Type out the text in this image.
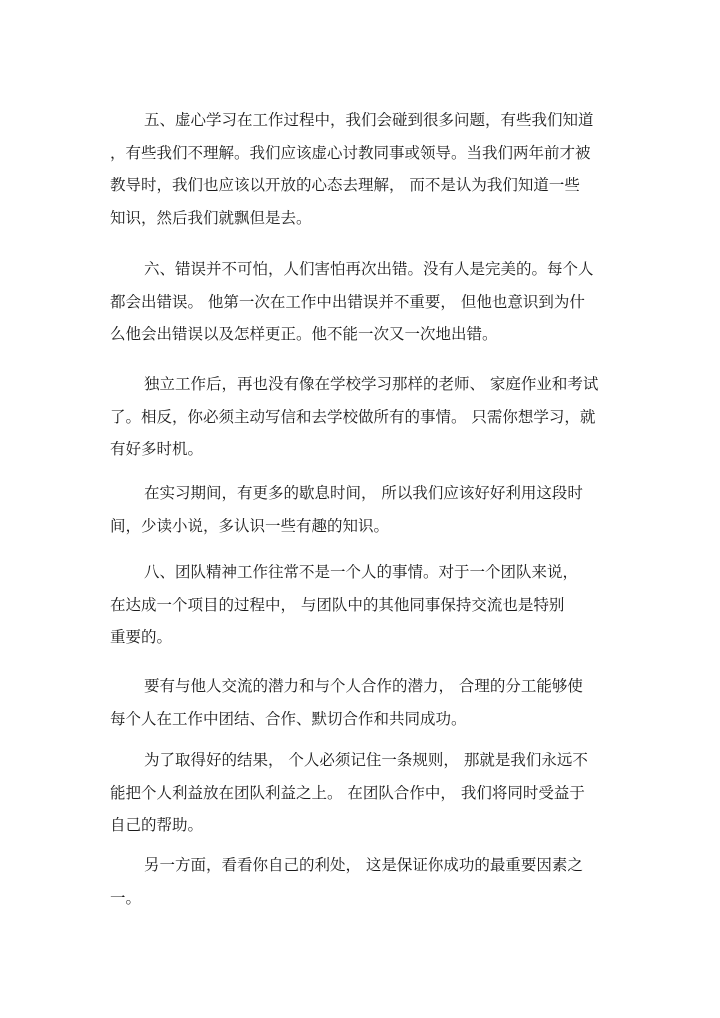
五、虚心学习在工作过程中，我们会碰到很多问题，有些我们知道
，有些我们不理解。我们应该虚心讨教同事或领导。当我们两年前才被
教导时，我们也应该以开放的心态去理解， 而不是认为我们知道一些
知识，然后我们就飘但是去。
六、错误并不可怕，人们害怕再次出错。没有人是完美的。每个人
都会出错误。 他第一次在工作中出错误并不重要， 但他也意识到为什
么他会出错误以及怎样更正。他不能一次又一次地出错。
独立工作后，再也没有像在学校学习那样的老师、 家庭作业和考试
了。相反，你必须主动写信和去学校做所有的事情。 只需你想学习，就
有好多时机。
在实习期间，有更多的歇息时间， 所以我们应该好好利用这段时
间，少读小说，多认识一些有趣的知识。
八、团队精神工作往常不是一个人的事情。对于一个团队来说，
在达成一个项目的过程中， 与团队中的其他同事保持交流也是特别
重要的。
要有与他人交流的潜力和与个人合作的潜力， 合理的分工能够使
每个人在工作中团结、合作、默切合作和共同成功。
为了取得好的结果， 个人必须记住一条规则， 那就是我们永远不
能把个人利益放在团队利益之上。 在团队合作中， 我们将同时受益于
自己的帮助。
另一方面，看看你自己的利处， 这是保证你成功的最重要因素之
一。
